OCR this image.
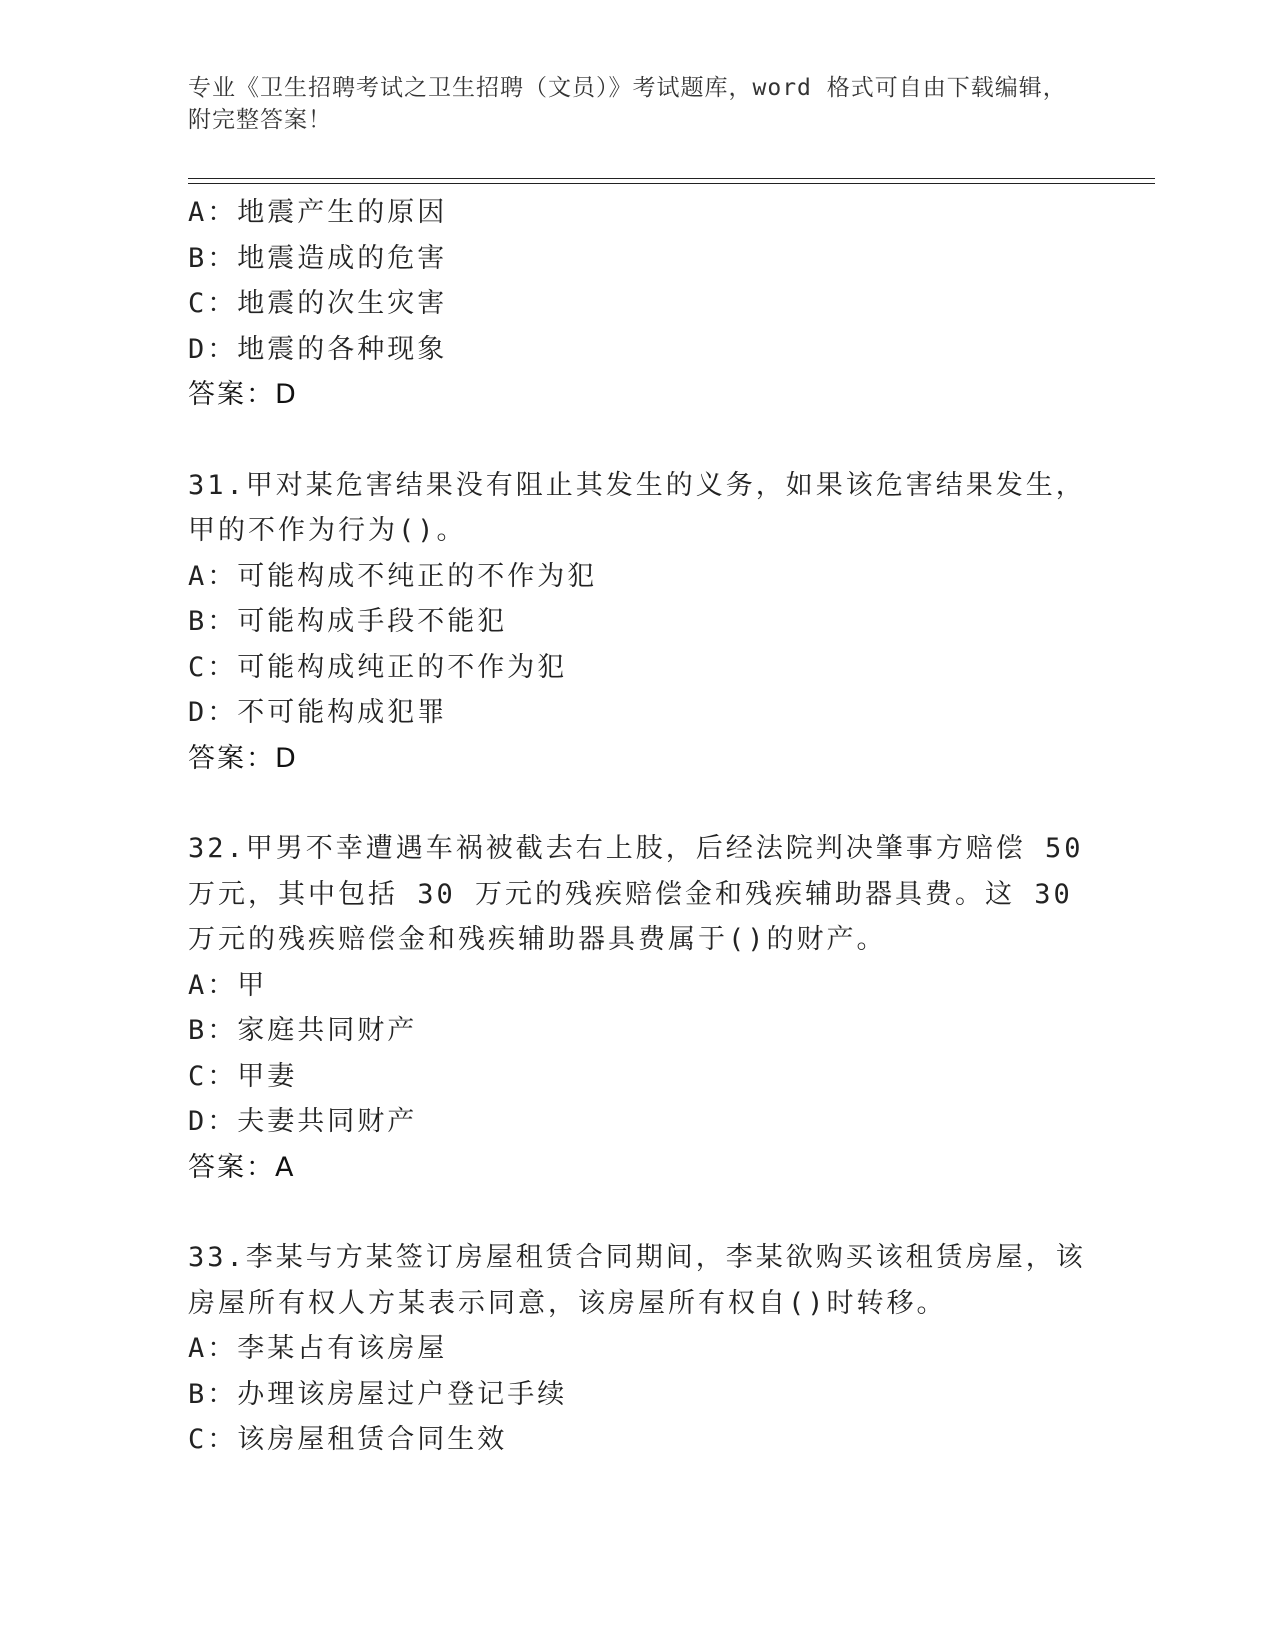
专业《卫生招聘考试之卫生招聘（文员）》考试题库，word 格式可自由下载编辑，附完整答案！
A：地震产生的原因
B：地震造成的危害
C：地震的次生灾害
D：地震的各种现象
答案：D
31.甲对某危害结果没有阻止其发生的义务，如果该危害结果发生，甲的不作为行为()。
A：可能构成不纯正的不作为犯
B：可能构成手段不能犯
C：可能构成纯正的不作为犯
D：不可能构成犯罪
答案：D
32.甲男不幸遭遇车祸被截去右上肢，后经法院判决肇事方赔偿 50 万元，其中包括 30 万元的残疾赔偿金和残疾辅助器具费。这 30 万元的残疾赔偿金和残疾辅助器具费属于()的财产。
A：甲
B：家庭共同财产
C：甲妻
D：夫妻共同财产
答案：A
33.李某与方某签订房屋租赁合同期间，李某欲购买该租赁房屋，该房屋所有权人方某表示同意，该房屋所有权自()时转移。
A：李某占有该房屋
B：办理该房屋过户登记手续
C：该房屋租赁合同生效
